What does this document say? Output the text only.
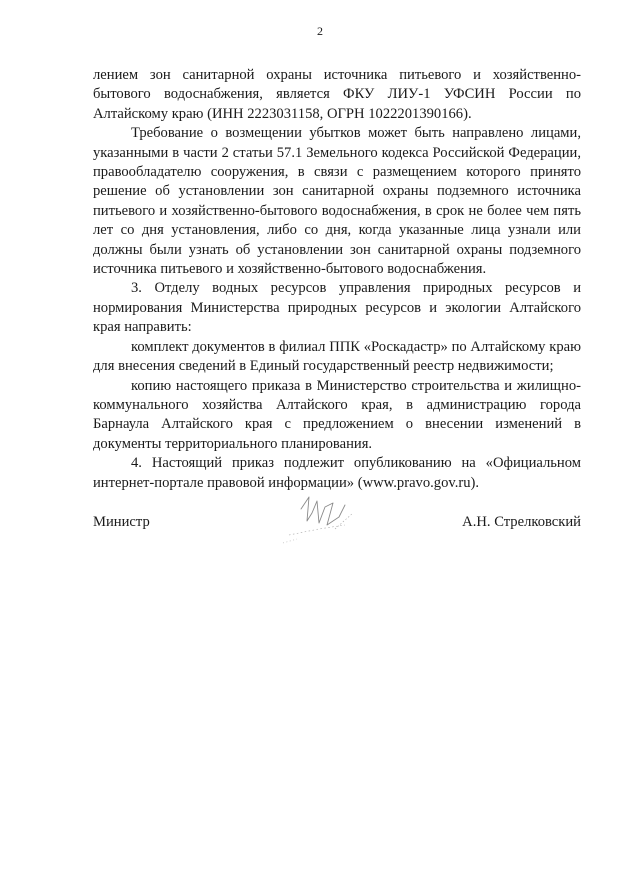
2

лением зон санитарной охраны источника питьевого и хозяйственно-бытового водоснабжения, является ФКУ ЛИУ-1 УФСИН России по Алтайскому краю (ИНН 2223031158, ОГРН 1022201390166).

Требование о возмещении убытков может быть направлено лицами, указанными в части 2 статьи 57.1 Земельного кодекса Российской Федерации, правообладателю сооружения, в связи с размещением которого принято решение об установлении зон санитарной охраны подземного источника питьевого и хозяйственно-бытового водоснабжения, в срок не более чем пять лет со дня установления, либо со дня, когда указанные лица узнали или должны были узнать об установлении зон санитарной охраны подземного источника питьевого и хозяйственно-бытового водоснабжения.

3. Отделу водных ресурсов управления природных ресурсов и нормирования Министерства природных ресурсов и экологии Алтайского края направить:

комплект документов в филиал ППК «Роскадастр» по Алтайскому краю для внесения сведений в Единый государственный реестр недвижимости;

копию настоящего приказа в Министерство строительства и жилищно-коммунального хозяйства Алтайского края, в администрацию города Барнаула Алтайского края с предложением о внесении изменений в документы территориального планирования.

4. Настоящий приказ подлежит опубликованию на «Официальном интернет-портале правовой информации» (www.pravo.gov.ru).

Министр	А.Н. Стрелковский
